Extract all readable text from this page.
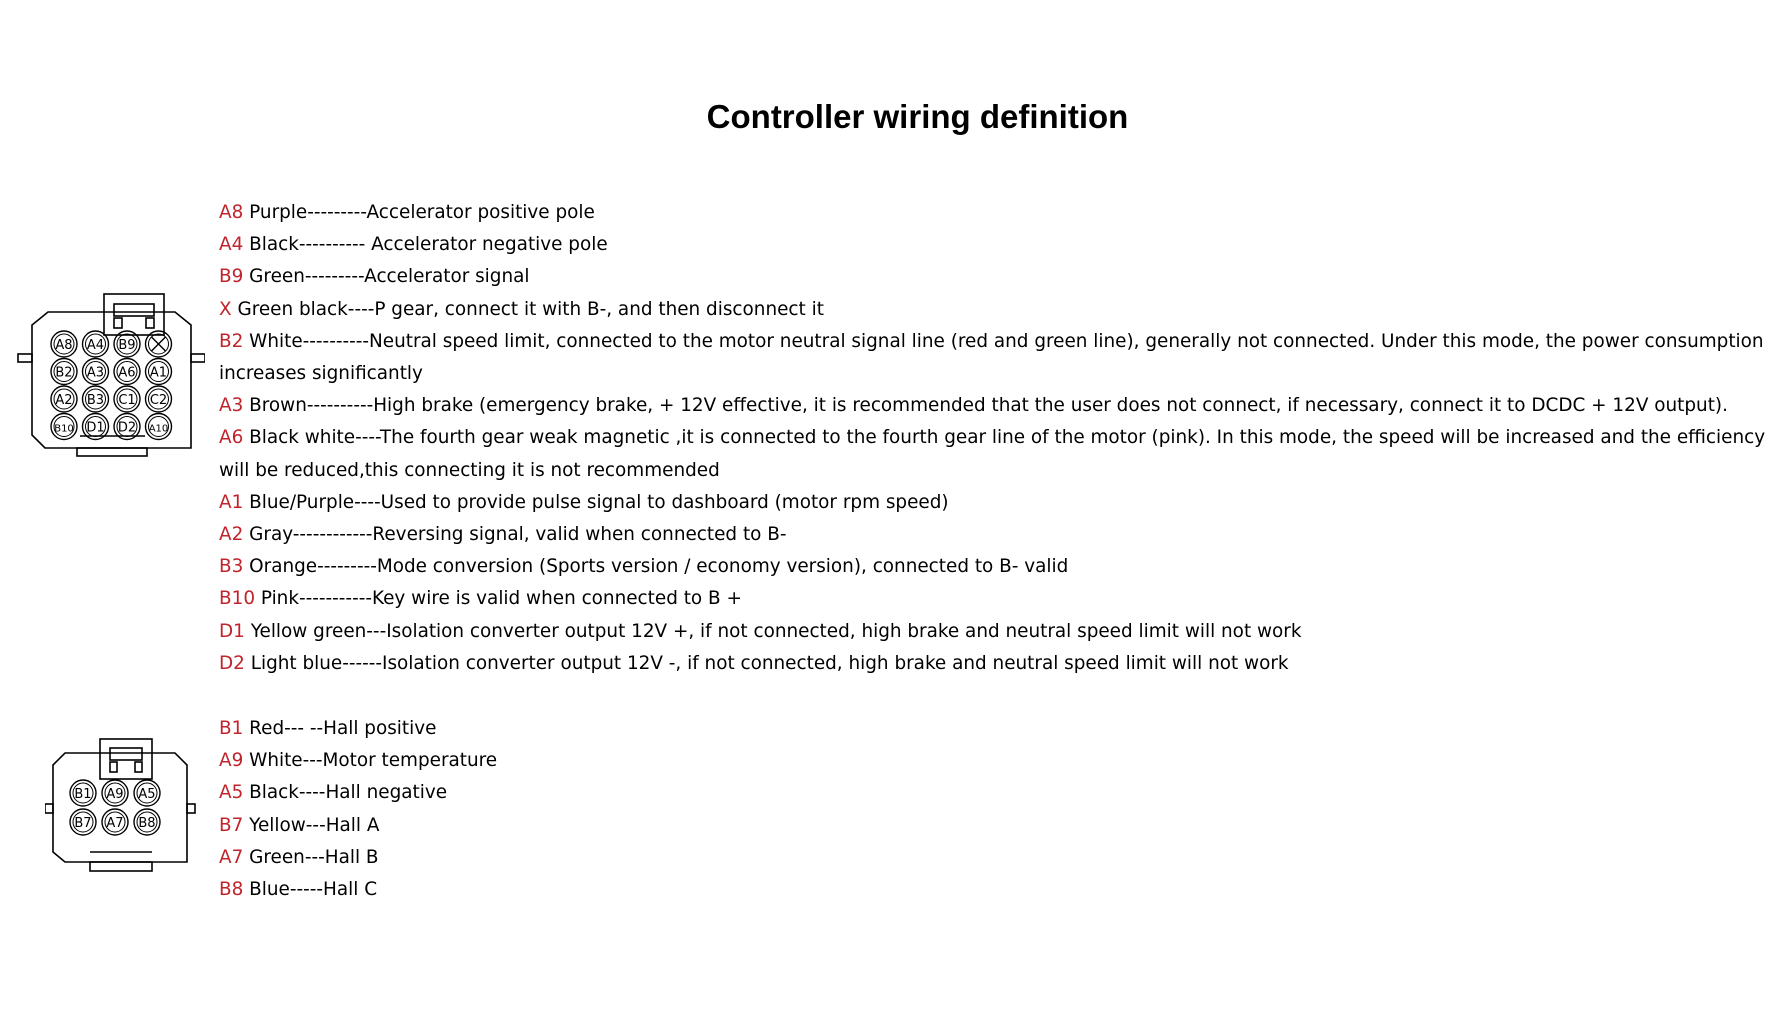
Controller wiring definition
A8 A4 B9
B2 A3 A6 A1
A2 B3 C1 C2
B10 D1 D2 A10
B1 A9 A5
B7 A7 B8
A8 Purple---------Accelerator positive pole
A4 Black---------- Accelerator negative pole
B9 Green---------Accelerator signal
X Green black----P gear, connect it with B-, and then disconnect it
B2 White----------Neutral speed limit, connected to the motor neutral signal line (red and green line), generally not connected. Under this mode, the power consumption increases significantly
A3 Brown----------High brake (emergency brake, + 12V effective, it is recommended that the user does not connect, if necessary, connect it to DCDC + 12V output).
A6 Black white----The fourth gear weak magnetic ,it is connected to the fourth gear line of the motor (pink). In this mode, the speed will be increased and the efficiency will be reduced,this connecting it is not recommended
A1 Blue/Purple----Used to provide pulse signal to dashboard (motor rpm speed)
A2 Gray------------Reversing signal, valid when connected to B-
B3 Orange---------Mode conversion (Sports version / economy version), connected to B- valid
B10 Pink-----------Key wire is valid when connected to B +
D1 Yellow green---Isolation converter output 12V +, if not connected, high brake and neutral speed limit will not work
D2 Light blue------Isolation converter output 12V -, if not connected, high brake and neutral speed limit will not work
B1 Red--- --Hall positive
A9 White---Motor temperature
A5 Black----Hall negative
B7 Yellow---Hall A
A7 Green---Hall B
B8 Blue-----Hall C
